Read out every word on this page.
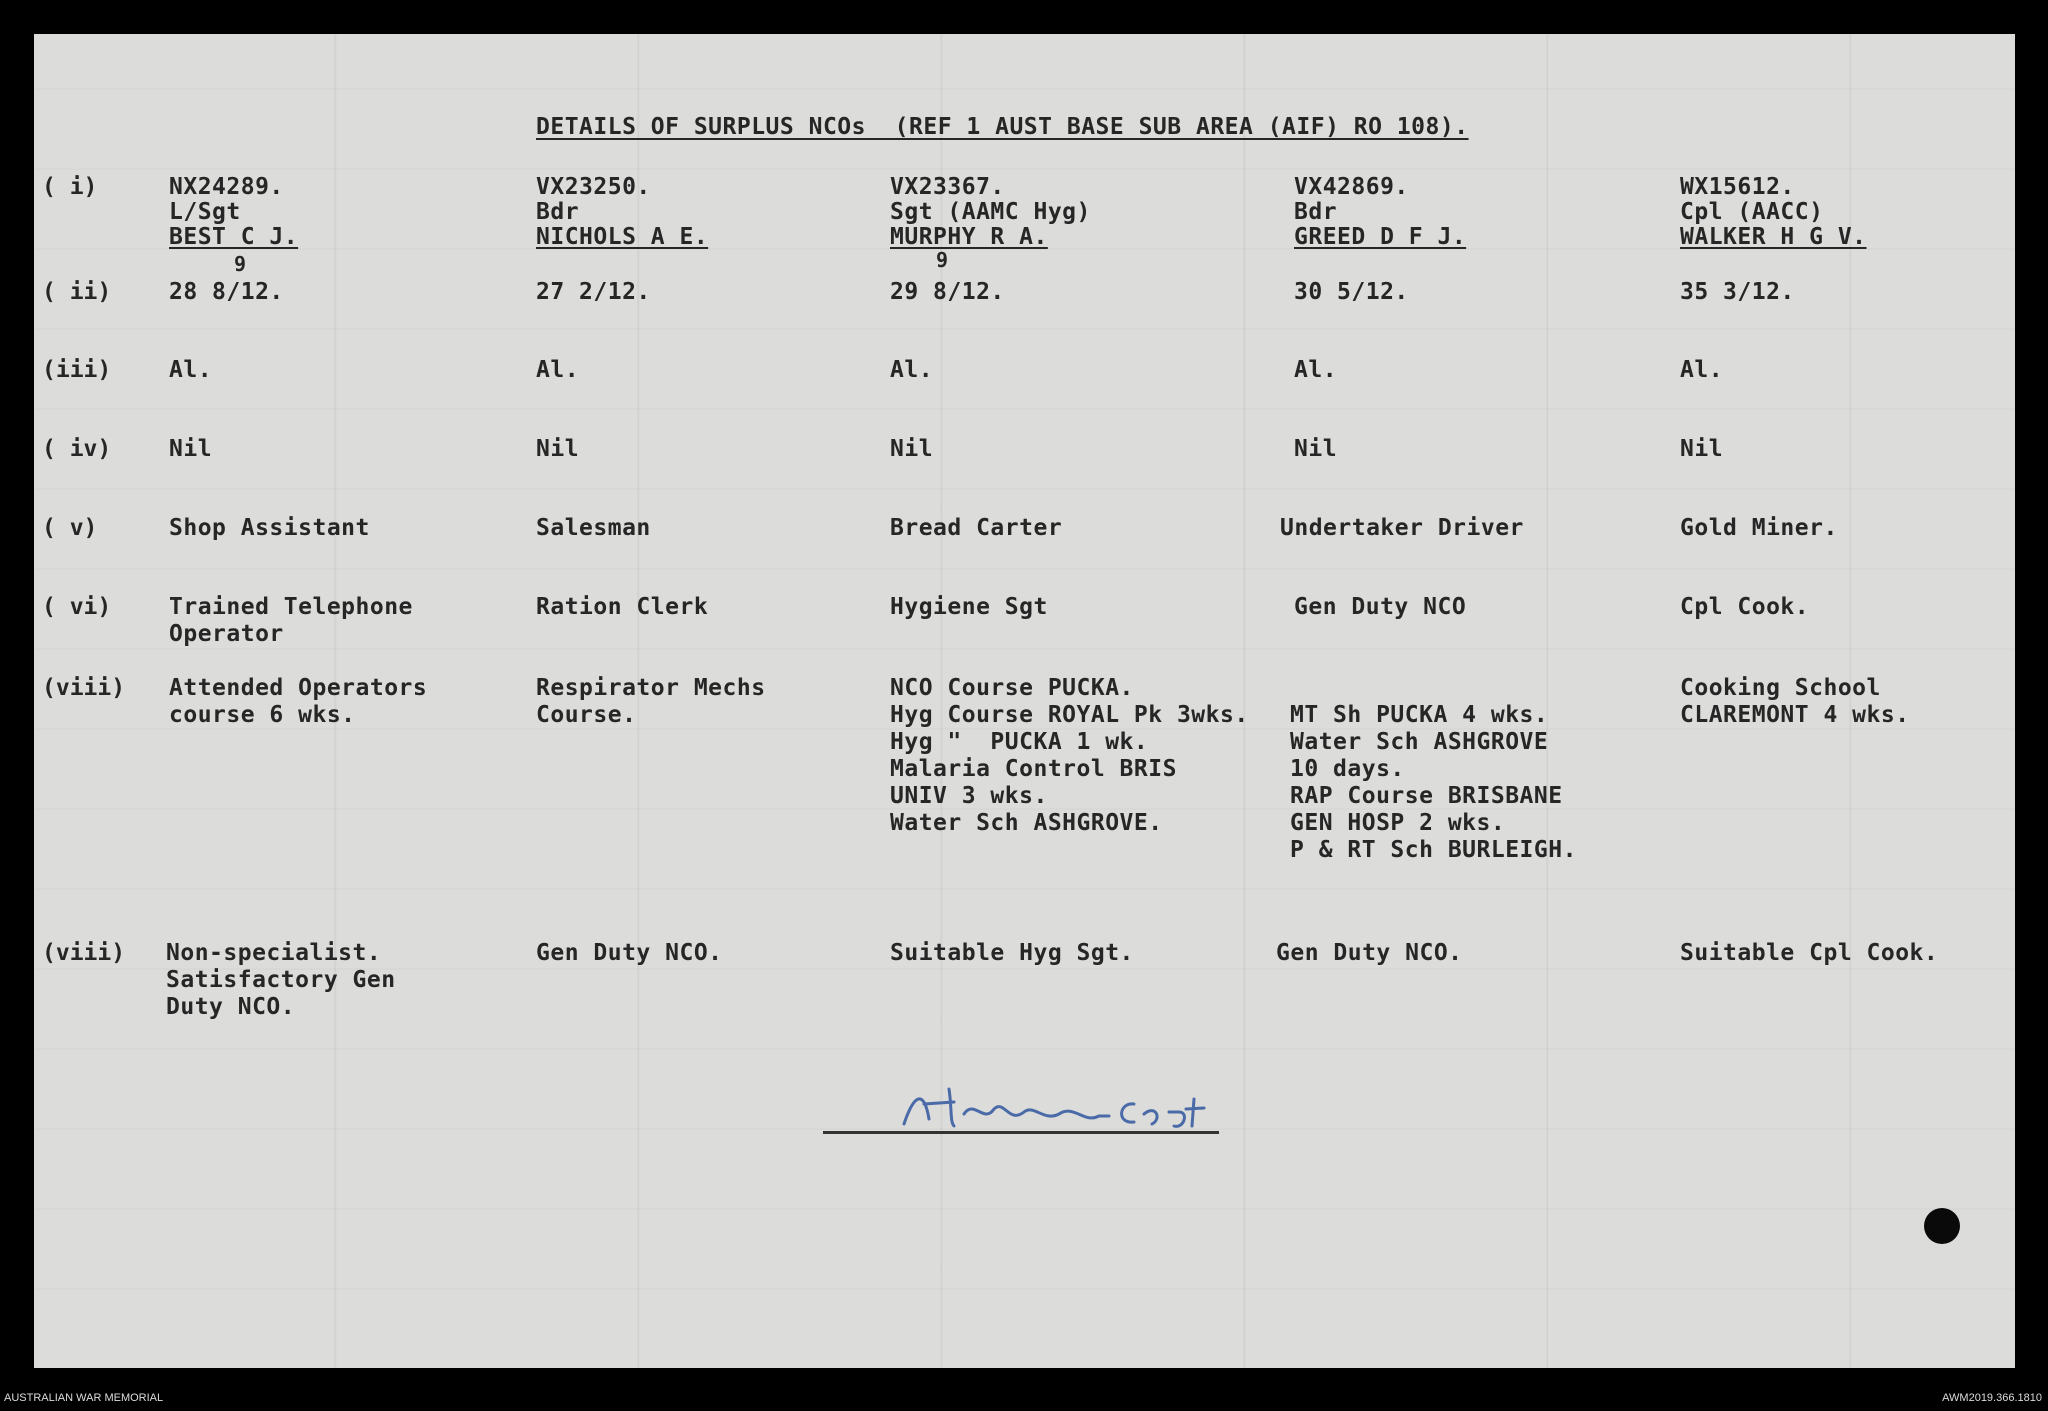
DETAILS OF SURPLUS NCOs  (REF 1 AUST BASE SUB AREA (AIF) RO 108).
( i)
( ii)
(iii)
( iv)
( v)
( vi)
(viii)
(viii)
NX24289.
L/Sgt
BEST C J.
9
28 8/12.
Al.
Nil
Shop Assistant
Trained Telephone
Operator
Attended Operators
course 6 wks.
Non-specialist.
Satisfactory Gen
Duty NCO.
VX23250.
Bdr
NICHOLS A E.
27 2/12.
Al.
Nil
Salesman
Ration Clerk
Respirator Mechs
Course.
Gen Duty NCO.
VX23367.
Sgt (AAMC Hyg)
MURPHY R A.
9
29 8/12.
Al.
Nil
Bread Carter
Hygiene Sgt
NCO Course PUCKA.
Hyg Course ROYAL Pk 3wks.
Hyg "  PUCKA 1 wk.
Malaria Control BRIS
UNIV 3 wks.
Water Sch ASHGROVE.
Suitable Hyg Sgt.
VX42869.
Bdr
GREED D F J.
30 5/12.
Al.
Nil
Undertaker Driver
Gen Duty NCO
MT Sh PUCKA 4 wks.
Water Sch ASHGROVE
10 days.
RAP Course BRISBANE
GEN HOSP 2 wks.
P & RT Sch BURLEIGH.
Gen Duty NCO.
WX15612.
Cpl (AACC)
WALKER H G V.
35 3/12.
Al.
Nil
Gold Miner.
Cpl Cook.
Cooking School
CLAREMONT 4 wks.
Suitable Cpl Cook.
AUSTRALIAN WAR MEMORIAL	AWM2019.366.1810
